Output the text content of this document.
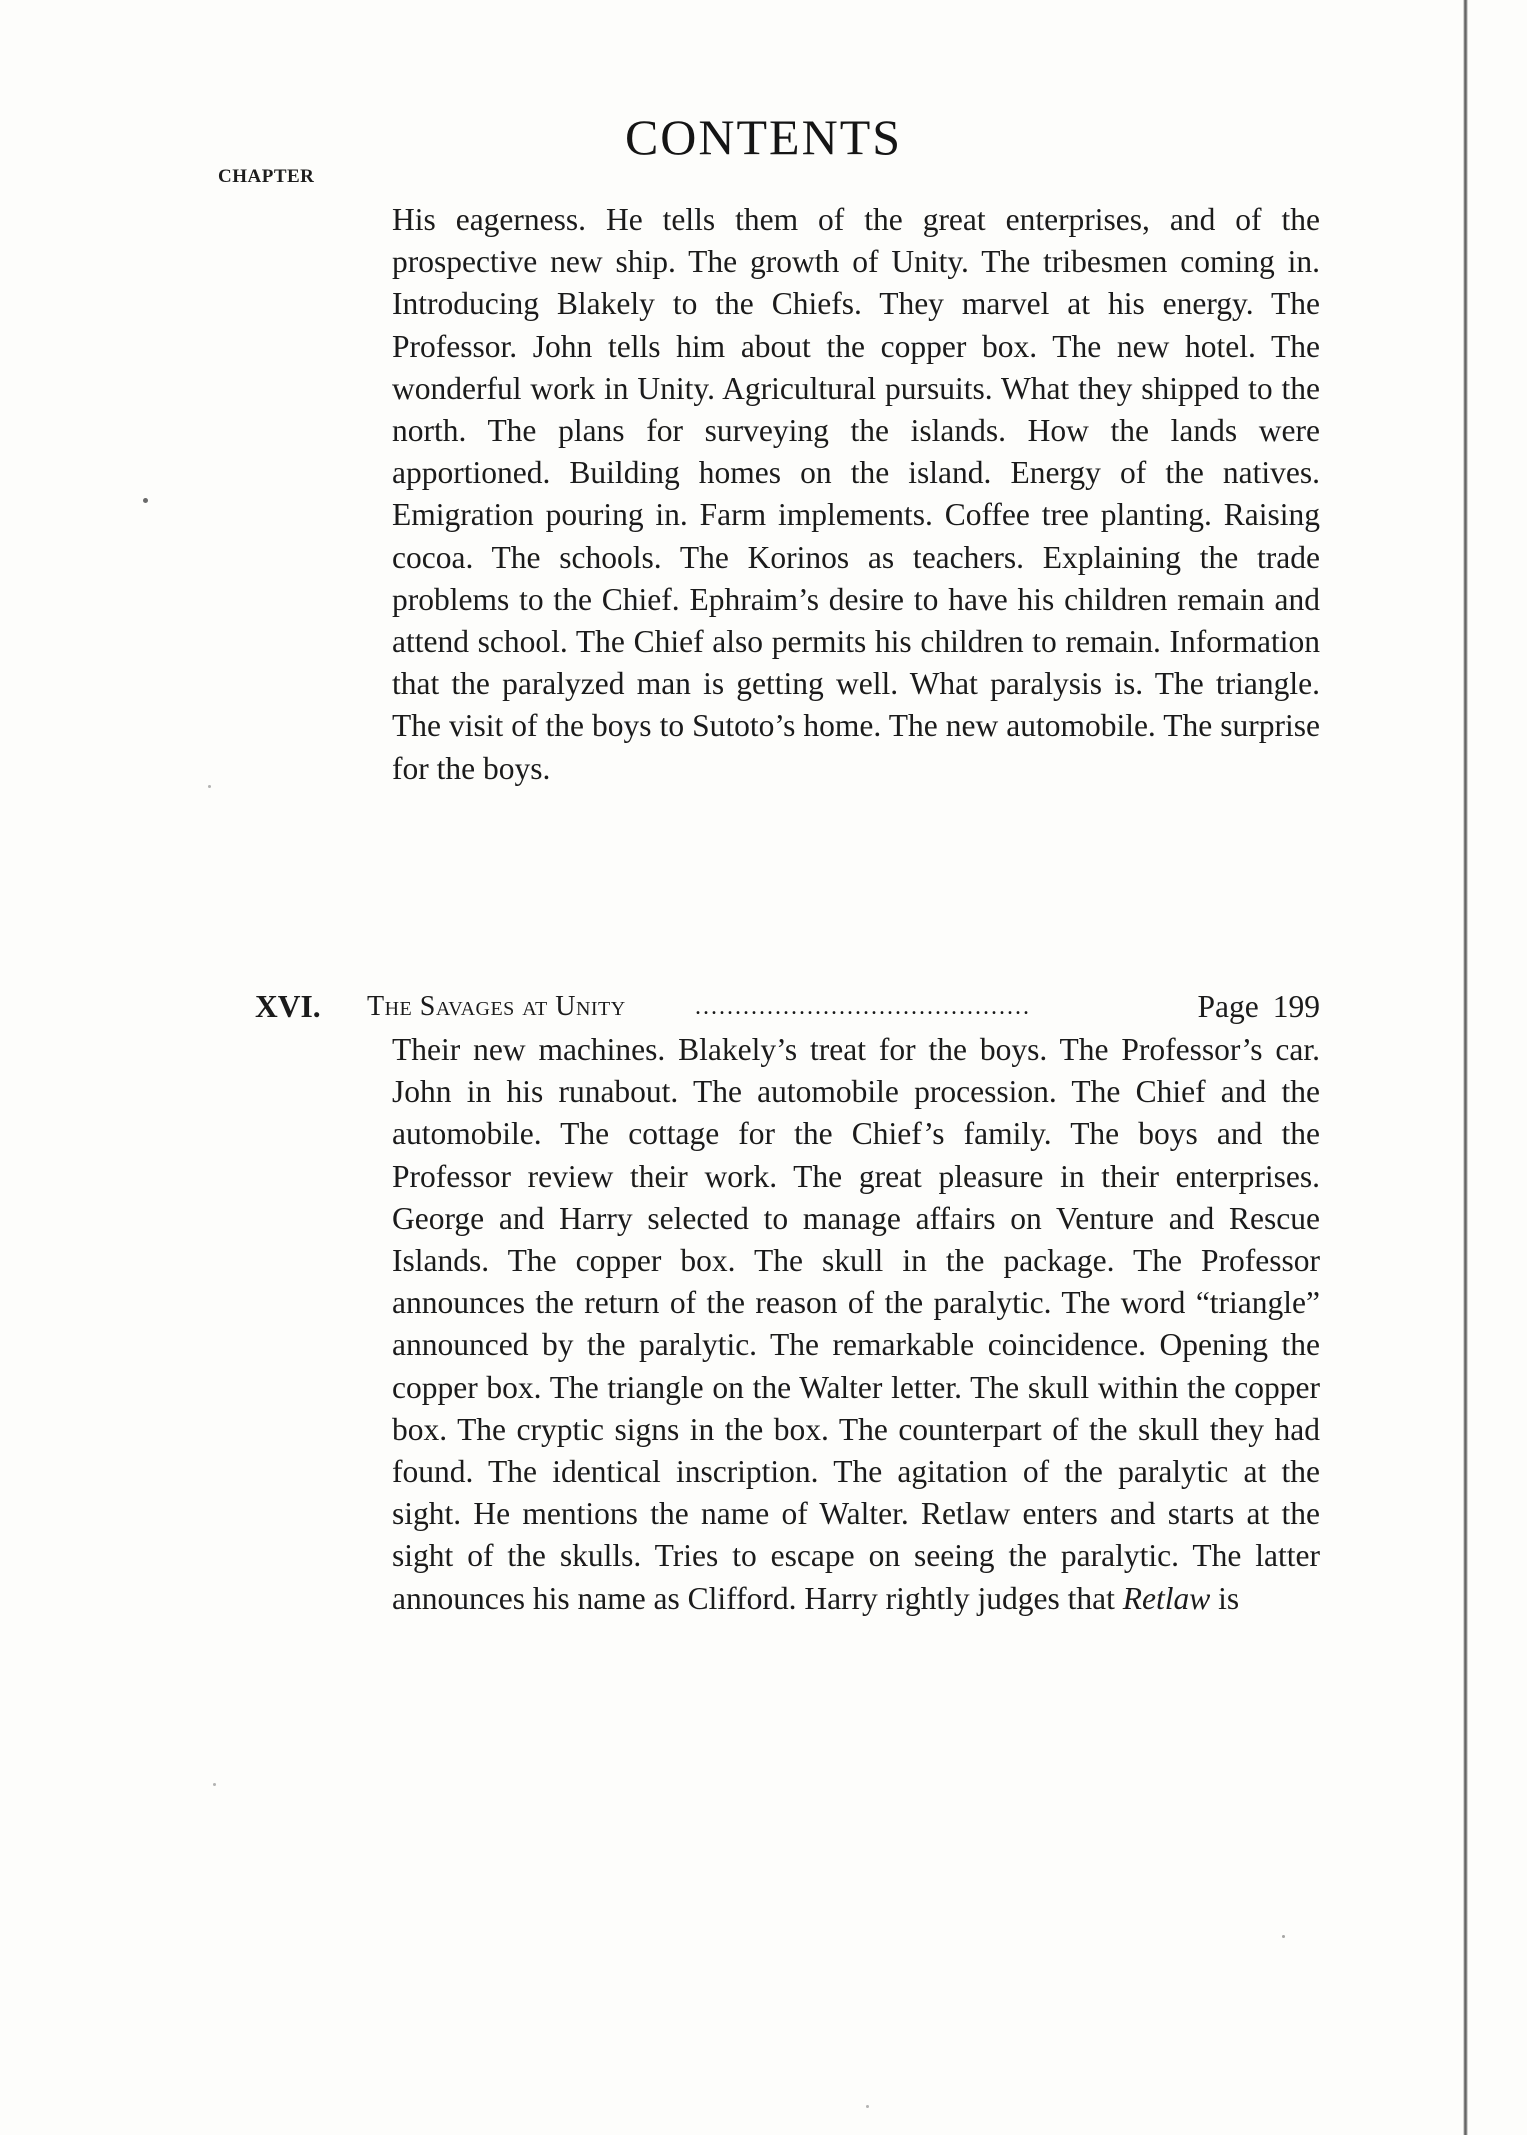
CONTENTS
CHAPTER
His eagerness. He tells them of the great enterprises, and of the prospective new ship. The growth of Unity. The tribesmen coming in. Introducing Blakely to the Chiefs. They marvel at his energy. The Professor. John tells him about the copper box. The new hotel. The wonderful work in Unity. Agricultural pursuits. What they shipped to the north. The plans for surveying the islands. How the lands were apportioned. Building homes on the island. Energy of the natives. Emigration pouring in. Farm implements. Coffee tree planting. Raising cocoa. The schools. The Korinos as teachers. Explaining the trade problems to the Chief. Ephraim’s desire to have his children remain and attend school. The Chief also permits his children to remain. Information that the paralyzed man is getting well. What paralysis is. The triangle. The visit of the boys to Sutoto’s home. The new automobile. The surprise for the boys.
XVI. The Savages at Unity	..........................................	Page 199
Their new machines. Blakely’s treat for the boys. The Professor’s car. John in his runabout. The automobile procession. The Chief and the automobile. The cottage for the Chief’s family. The boys and the Professor review their work. The great pleasure in their enterprises. George and Harry selected to manage affairs on Venture and Rescue Islands. The copper box. The skull in the package. The Professor announces the return of the reason of the paralytic. The word “triangle” announced by the paralytic. The remarkable coincidence. Opening the copper box. The triangle on the Walter letter. The skull within the copper box. The cryptic signs in the box. The counterpart of the skull they had found. The identical inscription. The agitation of the paralytic at the sight. He mentions the name of Walter. Retlaw enters and starts at the sight of the skulls. Tries to escape on seeing the paralytic. The latter announces his name as Clifford. Harry rightly judges that Retlaw is
